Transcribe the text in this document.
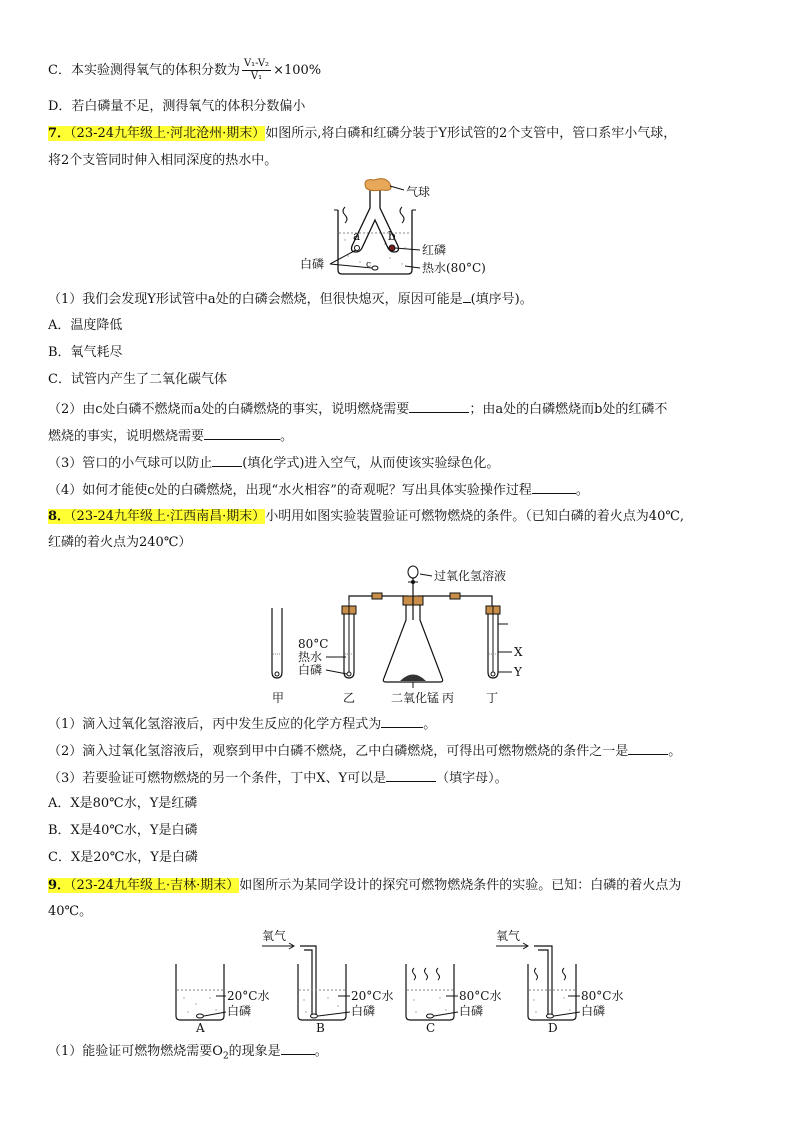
C．本实验测得氧气的体积分数为 $\frac{\text{V₁-V₂}}{\text{V₁}} \times 100\%$
D．若白磷量不足，测得氧气的体积分数偏小
7．（23-24九年级上·河北沧州·期末）如图所示,将白磷和红磷分装于Y形试管的2个支管中，管口系牢小气球，
将2个支管同时伸入相同深度的热水中。
气球
a b
c
红磷
白磷	热水(80°C)
（1）我们会发现Y形试管中a处的白磷会燃烧，但很快熄灭，原因可能是 (填序号)。
A．温度降低
B．氧气耗尽
C．试管内产生了二氧化碳气体
（2）由c处白磷不燃烧而a处的白磷燃烧的事实，说明燃烧需要	；由a处的白磷燃烧而b处的红磷不
燃烧的事实，说明燃烧需要	。
（3）管口的小气球可以防止 (填化学式)进入空气，从而使该实验绿色化。
（4）如何才能使c处的白磷燃烧，出现“水火相容”的奇观呢？写出具体实验操作过程	。
8．（23-24九年级上·江西南昌·期末）小明用如图实验装置验证可燃物燃烧的条件。（已知白磷的着火点为40℃,
红磷的着火点为240℃）
80°C
热水
白磷
过氧化氢溶液
二氧化锰
X
Y
甲	乙	丙	丁
（1）滴入过氧化氢溶液后，丙中发生反应的化学方程式为	。
（2）滴入过氧化氢溶液后，观察到甲中白磷不燃烧，乙中白磷燃烧，可得出可燃物燃烧的条件之一是	。
（3）若要验证可燃物燃烧的另一个条件，丁中X、Y可以是	（填字母）。
A．X是80℃水，Y是红磷
B．X是40℃水，Y是白磷
C．X是20℃水，Y是白磷
9．（23-24九年级上·吉林·期末）如图所示为某同学设计的探究可燃物燃烧条件的实验。已知：白磷的着火点为
40℃。
20°C水
白磷
A
氧气
20°C水
白磷
B
80°C水
白磷
C
氧气
80°C水
白磷
D
（1）能验证可燃物燃烧需要$O_2$的现象是	。
